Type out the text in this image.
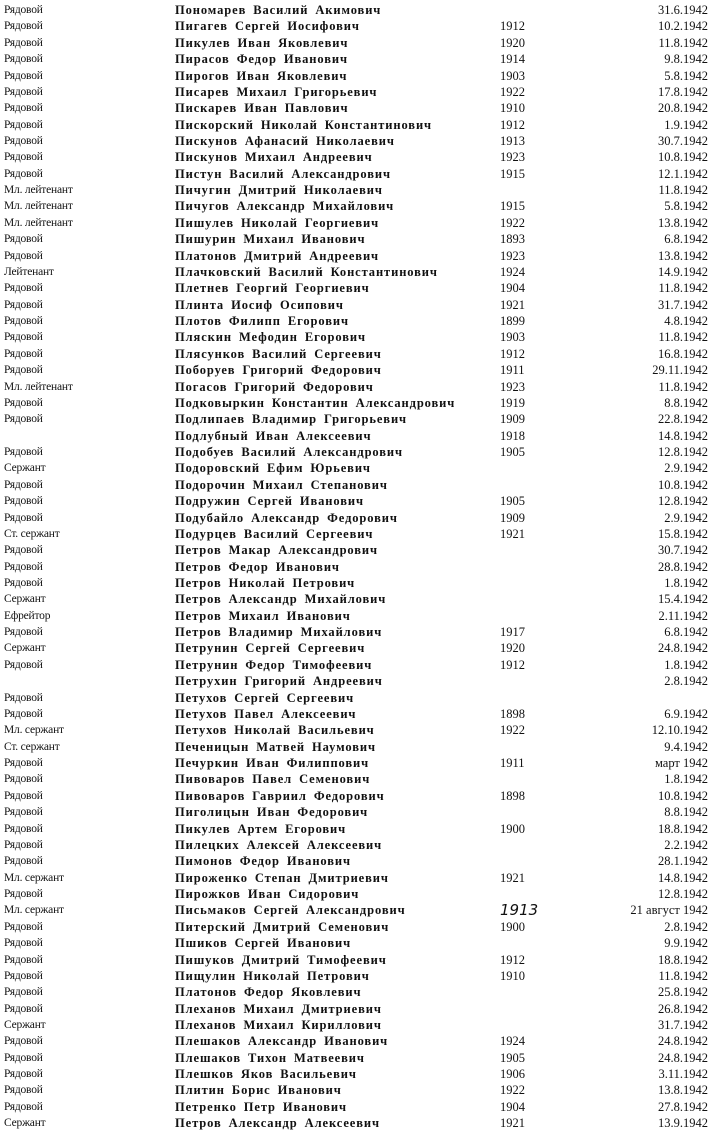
Рядовой	Пономарев Василий Акимович	31.6.1942
Рядовой	Пигагев Сергей Иосифович	1912	10.2.1942
Рядовой	Пикулев Иван Яковлевич	1920	11.8.1942
Рядовой	Пирасов Федор Иванович	1914	9.8.1942
Рядовой	Пирогов Иван Яковлевич	1903	5.8.1942
Рядовой	Писарев Михаил Григорьевич	1922	17.8.1942
Рядовой	Пискарев Иван Павлович	1910	20.8.1942
Рядовой	Пискорский Николай Константинович	1912	1.9.1942
Рядовой	Пискунов Афанасий Николаевич	1913	30.7.1942
Рядовой	Пискунов Михаил Андреевич	1923	10.8.1942
Рядовой	Пистун Василий Александрович	1915	12.1.1942
Мл. лейтенант	Пичугин Дмитрий Николаевич	11.8.1942
Мл. лейтенант	Пичугов Александр Михайлович	1915	5.8.1942
Мл. лейтенант	Пишулев Николай Георгиевич	1922	13.8.1942
Рядовой	Пишурин Михаил Иванович	1893	6.8.1942
Рядовой	Платонов Дмитрий Андреевич	1923	13.8.1942
Лейтенант	Плачковский Василий Константинович	1924	14.9.1942
Рядовой	Плетнев Георгий Георгиевич	1904	11.8.1942
Рядовой	Плинта Иосиф Осипович	1921	31.7.1942
Рядовой	Плотов Филипп Егорович	1899	4.8.1942
Рядовой	Пляскин Мефодин Егорович	1903	11.8.1942
Рядовой	Плясунков Василий Сергеевич	1912	16.8.1942
Рядовой	Поборуев Григорий Федорович	1911	29.11.1942
Мл. лейтенант	Погасов Григорий Федорович	1923	11.8.1942
Рядовой	Подковыркин Константин Александрович	1919	8.8.1942
Рядовой	Подлипаев Владимир Григорьевич	1909	22.8.1942
Подлубный Иван Алексеевич	1918	14.8.1942
Рядовой	Подобуев Василий Александрович	1905	12.8.1942
Сержант	Подоровский Ефим Юрьевич	2.9.1942
Рядовой	Подорочин Михаил Степанович	10.8.1942
Рядовой	Подружин Сергей Иванович	1905	12.8.1942
Рядовой	Подубайло Александр Федорович	1909	2.9.1942
Ст. сержант	Подурцев Василий Сергеевич	1921	15.8.1942
Рядовой	Петров Макар Александрович	30.7.1942
Рядовой	Петров Федор Иванович	28.8.1942
Рядовой	Петров Николай Петрович	1.8.1942
Сержант	Петров Александр Михайлович	15.4.1942
Ефрейтор	Петров Михаил Иванович	2.11.1942
Рядовой	Петров Владимир Михайлович	1917	6.8.1942
Сержант	Петрунин Сергей Сергеевич	1920	24.8.1942
Рядовой	Петрунин Федор Тимофеевич	1912	1.8.1942
Петрухин Григорий Андреевич	2.8.1942
Рядовой	Петухов Сергей Сергеевич
Рядовой	Петухов Павел Алексеевич	1898	6.9.1942
Мл. сержант	Петухов Николай Васильевич	1922	12.10.1942
Ст. сержант	Печеницын Матвей Наумович	9.4.1942
Рядовой	Печуркин Иван Филиппович	1911	март 1942
Рядовой	Пивоваров Павел Семенович	1.8.1942
Рядовой	Пивоваров Гавриил Федорович	1898	10.8.1942
Рядовой	Пиголицын Иван Федорович	8.8.1942
Рядовой	Пикулев Артем Егорович	1900	18.8.1942
Рядовой	Пилецких Алексей Алексеевич	2.2.1942
Рядовой	Пимонов Федор Иванович	28.1.1942
Мл. сержант	Пироженко Степан Дмитриевич	1921	14.8.1942
Рядовой	Пирожков Иван Сидорович	12.8.1942
Мл. сержант	Письмаков Сергей Александрович	1913	21 август 1942
Рядовой	Питерский Дмитрий Семенович	1900	2.8.1942
Рядовой	Пшиков Сергей Иванович	9.9.1942
Рядовой	Пишуков Дмитрий Тимофеевич	1912	18.8.1942
Рядовой	Пищулин Николай Петрович	1910	11.8.1942
Рядовой	Платонов Федор Яковлевич	25.8.1942
Рядовой	Плеханов Михаил Дмитриевич	26.8.1942
Сержант	Плеханов Михаил Кириллович	31.7.1942
Рядовой	Плешаков Александр Иванович	1924	24.8.1942
Рядовой	Плешаков Тихон Матвеевич	1905	24.8.1942
Рядовой	Плешков Яков Васильевич	1906	3.11.1942
Рядовой	Плитин Борис Иванович	1922	13.8.1942
Рядовой	Петренко Петр Иванович	1904	27.8.1942
Сержант	Петров Александр Алексеевич	1921	13.9.1942
